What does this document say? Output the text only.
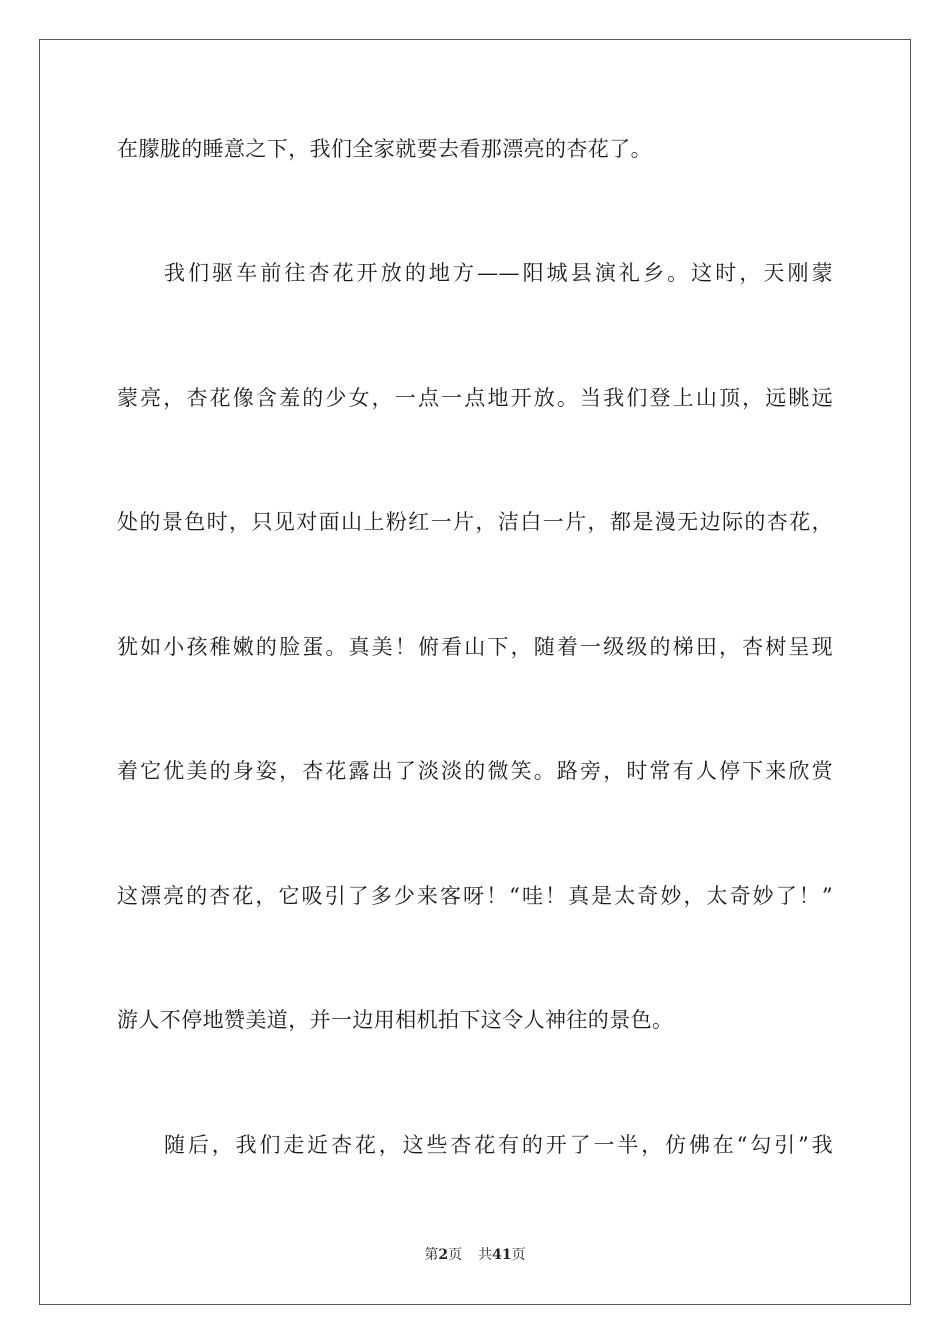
在朦胧的睡意之下，我们全家就要去看那漂亮的杏花了。
我们驱车前往杏花开放的地方——阳城县演礼乡。这时，天刚蒙
蒙亮，杏花像含羞的少女，一点一点地开放。当我们登上山顶，远眺远
处的景色时，只见对面山上粉红一片，洁白一片，都是漫无边际的杏花，
犹如小孩稚嫩的脸蛋。真美！俯看山下，随着一级级的梯田，杏树呈现
着它优美的身姿，杏花露出了淡淡的微笑。路旁，时常有人停下来欣赏
这漂亮的杏花，它吸引了多少来客呀！“哇！真是太奇妙，太奇妙了！”
游人不停地赞美道，并一边用相机拍下这令人神往的景色。
随后，我们走近杏花，这些杏花有的开了一半，仿佛在“勾引”我
第2页 共41页
